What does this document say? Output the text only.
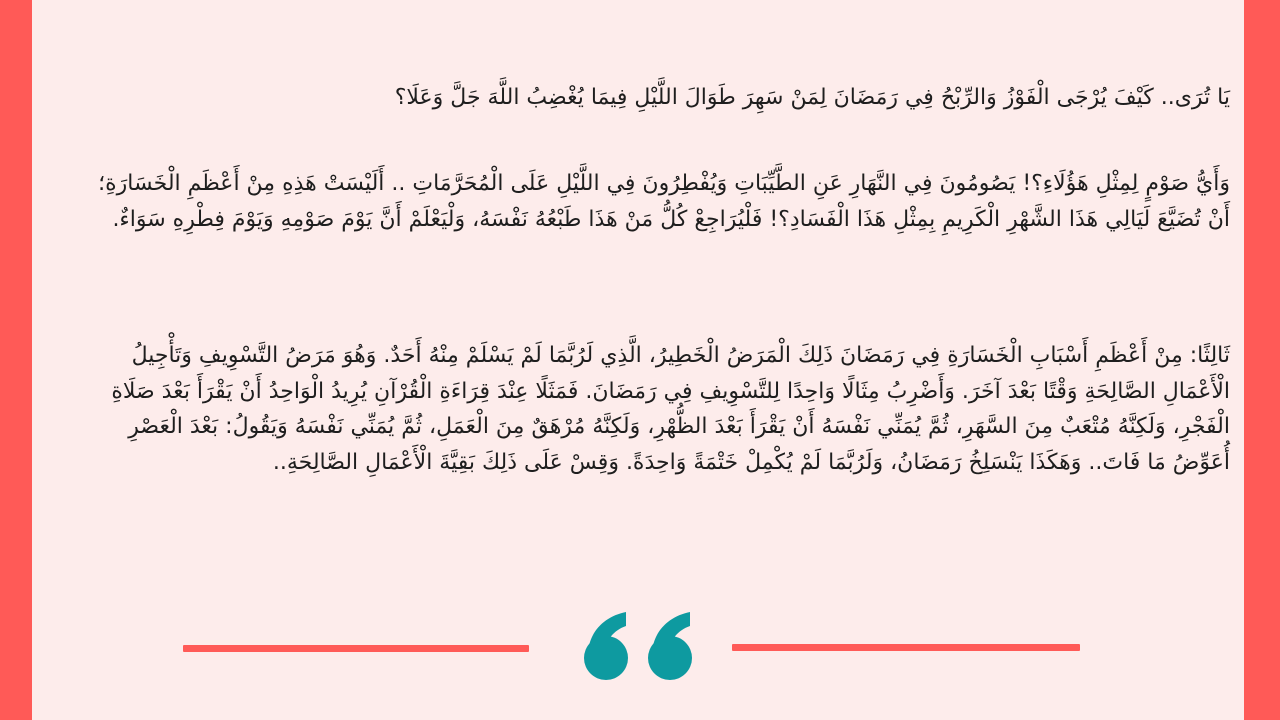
يَا تُرَى.. كَيْفَ يُرْجَى الْفَوْزُ وَالرِّبْحُ فِي رَمَضَانَ لِمَنْ سَهِرَ طَوَالَ اللَّيْلِ فِيمَا يُغْضِبُ اللَّهَ جَلَّ وَعَلَا؟

وَأَيُّ صَوْمٍ لِمِثْلِ هَؤُلَاءِ؟! يَصُومُونَ فِي النَّهَارِ عَنِ الطَّيِّبَاتِ وَيُفْطِرُونَ فِي اللَّيْلِ عَلَى الْمُحَرَّمَاتِ .. أَلَيْسَتْ هَذِهِ مِنْ أَعْظَمِ الْخَسَارَةِ؛ أَنْ تُضَيَّعَ لَيَالِي هَذَا الشَّهْرِ الْكَرِيمِ بِمِثْلِ هَذَا الْفَسَادِ؟! فَلْيُرَاجِعْ كُلُّ مَنْ هَذَا طَبْعُهُ نَفْسَهُ، وَلْيَعْلَمْ أَنَّ يَوْمَ صَوْمِهِ وَيَوْمَ فِطْرِهِ سَوَاءٌ.

ثَالِثًا: مِنْ أَعْظَمِ أَسْبَابِ الْخَسَارَةِ فِي رَمَضَانَ ذَلِكَ الْمَرَضُ الْخَطِيرُ، الَّذِي لَرُبَّمَا لَمْ يَسْلَمْ مِنْهُ أَحَدٌ. وَهُوَ مَرَضُ التَّسْوِيفِ وَتَأْجِيلُ الْأَعْمَالِ الصَّالِحَةِ وَقْتًا بَعْدَ آخَرَ. وَأَضْرِبُ مِثَالًا وَاحِدًا لِلتَّسْوِيفِ فِي رَمَضَانَ. فَمَثَلًا عِنْدَ قِرَاءَةِ الْقُرْآنِ يُرِيدُ الْوَاحِدُ أَنْ يَقْرَأَ بَعْدَ صَلَاةِ الْفَجْرِ، وَلَكِنَّهُ مُتْعَبٌ مِنَ السَّهَرِ، ثُمَّ يُمَنِّي نَفْسَهُ أَنْ يَقْرَأَ بَعْدَ الظُّهْرِ، وَلَكِنَّهُ مُرْهَقٌ مِنَ الْعَمَلِ، ثُمَّ يُمَنِّي نَفْسَهُ وَيَقُولُ: بَعْدَ الْعَصْرِ أُعَوِّضُ مَا فَاتَ.. وَهَكَذَا يَنْسَلِخُ رَمَضَانُ، وَلَرُبَّمَا لَمْ يُكْمِلْ خَتْمَةً وَاحِدَةً. وَقِسْ عَلَى ذَلِكَ بَقِيَّةَ الْأَعْمَالِ الصَّالِحَةِ..
